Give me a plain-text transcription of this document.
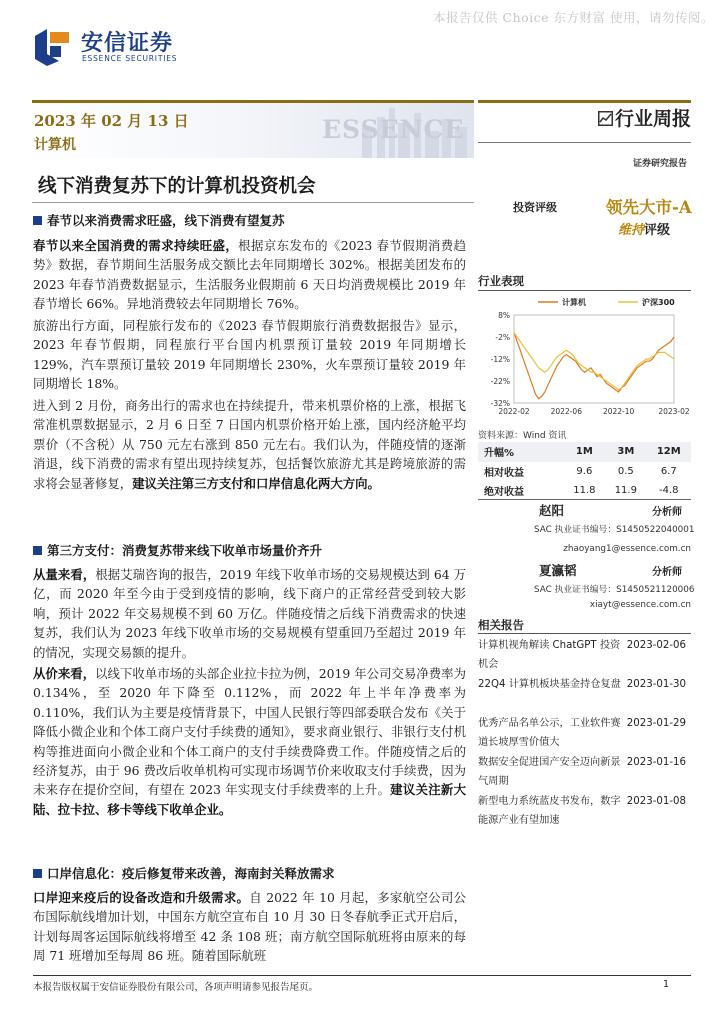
本报告仅供 Choice 东方财富 使用，请勿传阅。
安信证券
ESSENCE SECURITIES
2023 年 02 月 13 日
计算机
ESSENCE	行业周报
证券研究报告
线下消费复苏下的计算机投资机会
春节以来消费需求旺盛，线下消费有望复苏
春节以来全国消费的需求持续旺盛，根据京东发布的《2023 春节假期消费趋势》数据，春节期间生活服务成交额比去年同期增长 302%。根据美团发布的 2023 年春节消费数据显示，生活服务业假期前 6 天日均消费规模比 2019 年春节增长 66%。异地消费较去年同期增长 76%。
旅游出行方面，同程旅行发布的《2023 春节假期旅行消费数据报告》显示，2023 年春节假期，同程旅行平台国内机票预订量较 2019 年同期增长 129%，汽车票预订量较 2019 年同期增长 230%，火车票预订量较 2019 年同期增长 18%。
进入到 2 月份，商务出行的需求也在持续提升，带来机票价格的上涨，根据飞常准机票数据显示，2 月 6 日至 7 日国内机票价格开始上涨，国内经济舱平均票价（不含税）从 750 元左右涨到 850 元左右。我们认为，伴随疫情的逐渐消退，线下消费的需求有望出现持续复苏，包括餐饮旅游尤其是跨境旅游的需求将会显著修复，建议关注第三方支付和口岸信息化两大方向。
第三方支付：消费复苏带来线下收单市场量价齐升
从量来看，根据艾瑞咨询的报告，2019 年线下收单市场的交易规模达到 64 万亿，而 2020 年至今由于受到疫情的影响，线下商户的正常经营受到较大影响，预计 2022 年交易规模不到 60 万亿。伴随疫情之后线下消费需求的快速复苏，我们认为 2023 年线下收单市场的交易规模有望重回乃至超过 2019 年的情况，实现交易额的提升。
从价来看，以线下收单市场的头部企业拉卡拉为例，2019 年公司交易净费率为 0.134%，至 2020 年下降至 0.112%，而 2022 年上半年净费率为 0.110%，我们认为主要是疫情背景下，中国人民银行等四部委联合发布《关于降低小微企业和个体工商户支付手续费的通知》，要求商业银行、非银行支付机构等推进面向小微企业和个体工商户的支付手续费降费工作。伴随疫情之后的经济复苏，由于 96 费改后收单机构可实现市场调节价来收取支付手续费，因为未来存在提价空间，有望在 2023 年实现支付手续费率的上升。建议关注新大陆、拉卡拉、移卡等线下收单企业。
口岸信息化：疫后修复带来改善，海南封关释放需求
口岸迎来疫后的设备改造和升级需求。自 2022 年 10 月起，多家航空公司公布国际航线增加计划，中国东方航空宣布自 10 月 30 日冬春航季正式开启后，计划每周客运国际航线将增至 42 条 108 班；南方航空国际航班将由原来的每周 71 班增加至每周 86 班。随着国际航班
投资评级	领先大市-A
维持评级
行业表现
8%
-2%
-12%
-22%
-32%
2022-02	2022-06	2022-10	2023-02
计算机	沪深300
资料来源：Wind 资讯
升幅%	1M	3M	12M
相对收益	9.6	0.5	6.7
绝对收益	11.8	11.9	-4.8
赵阳	分析师
SAC 执业证书编号：S1450522040001
zhaoyang1@essence.com.cn
夏瀛韬	分析师
SAC 执业证书编号：S1450521120006
xiayt@essence.com.cn
相关报告
计算机视角解读 ChatGPT 投资机会
2023-02-06
22Q4 计算机板块基金持仓复盘 2023-01-30
优秀产品名单公示，工业软件赛道长坡厚雪价值大
2023-01-29
数据安全促进国产安全迈向新景气周期
2023-01-16
新型电力系统蓝皮书发布，数字能源产业有望加速
2023-01-08
本报告版权属于安信证券股份有限公司，各项声明请参见报告尾页。	1
